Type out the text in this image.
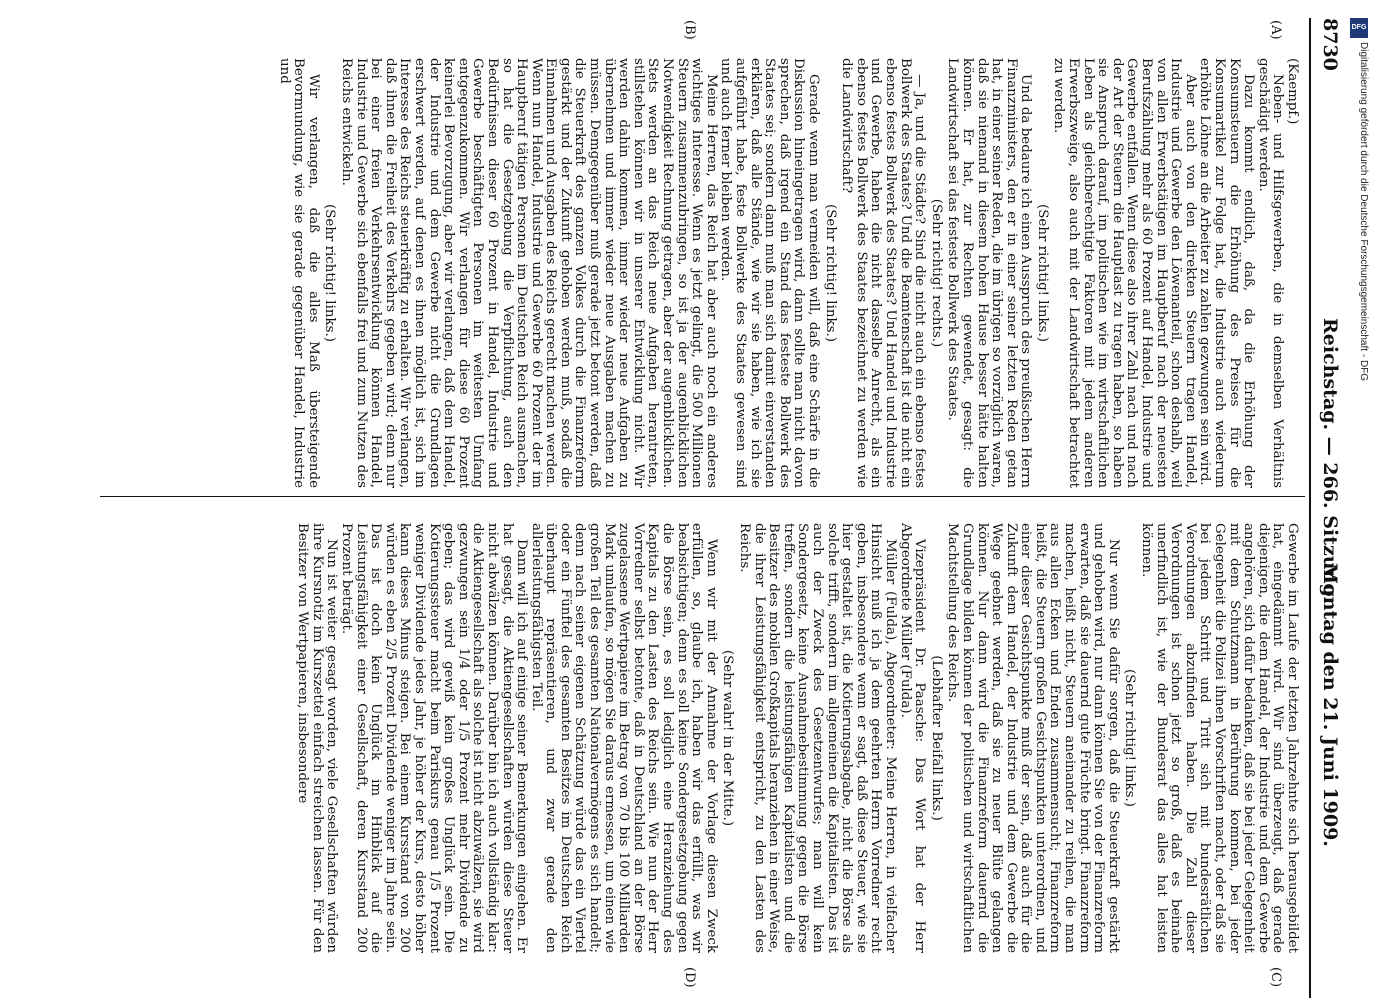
8730
Reichstag. — 266. Sitzung.
Montag den 21. Juni 1909.
(A)
(B)
(C)
(D)

(Kaempf.)

Neben- und Hilfsgewerben, die in demselben Verhältnis geschädigt werden.

Dazu kommt endlich, daß, da die Erhöhung der Konsumsteuern die Erhöhung des Preises für die Konsumartikel zur Folge hat, die Industrie auch wiederum erhöhte Löhne an die Arbeiter zu zahlen gezwungen sein wird.

Aber auch von den direkten Steuern tragen Handel, Industrie und Gewerbe den Löwenanteil, schon deshalb, weil von allen Erwerbstätigen im Hauptberuf nach der neuesten Berufszählung mehr als 60 Prozent auf Handel, Industrie und Gewerbe entfallen. Wenn diese also ihrer Zahl nach und nach der Art der Steuern die Hauptlast zu tragen haben, so haben sie Anspruch darauf, im politischen wie im wirtschaftlichen Leben als gleichberechtigte Faktoren mit jedem anderen Erwerbszweige, also auch mit der Landwirtschaft betrachtet zu werden.

(Sehr richtig! links.)

Und da bedaure ich einen Ausspruch des preußischen Herrn Finanzministers, den er in einer seiner letzten Reden getan hat, in einer seiner Reden, die im übrigen so vorzüglich waren, daß sie niemand in diesem hohen Hause besser hätte halten können. Er hat, zur Rechten gewendet, gesagt: die Landwirtschaft sei das festeste Bollwerk des Staates.

(Sehr richtig! rechts.)

— Ja, und die Städte? Sind die nicht auch ein ebenso festes Bollwerk des Staates? Und die Beamtenschaft ist die nicht ein ebenso festes Bollwerk des Staates? Und Handel und Industrie und Gewerbe, haben die nicht dasselbe Anrecht, als ein ebenso festes Bollwerk des Staates bezeichnet zu werden wie die Landwirtschaft?

(Sehr richtig! links.)

Gerade wenn man vermeiden will, daß eine Schärfe in die Diskussion hineingetragen wird, dann sollte man nicht davon sprechen, daß irgend ein Stand das festeste Bollwerk des Staates sei; sondern dann muß man sich damit einverstanden erklären, daß alle Stände, wie wir sie haben, wie ich sie aufgeführt habe, feste Bollwerke des Staates gewesen sind und auch ferner bleiben werden.

Meine Herren, das Reich hat aber auch noch ein anderes wichtiges Interesse. Wenn es jetzt gelingt, die 500 Millionen Steuern zusammenzubringen, so ist ja der augenblicklichen Notwendigkeit Rechnung getragen, aber der augenblicklichen. Stets werden an das Reich neue Aufgaben herantreten, stillstehen können wir in unserer Entwicklung nicht. Wir werden dahin kommen, immer wieder neue Aufgaben zu übernehmen und immer wieder neue Ausgaben machen zu müssen. Demgegenüber muß gerade jetzt betont werden, daß die Steuerkraft des ganzen Volkes durch die Finanzreform gestärkt und der Zukunft gehoben werden muß, sodaß die Einnahmen und Ausgaben des Reichs gerecht machen werden. Wenn nun Handel, Industrie und Gewerbe 60 Prozent der im Hauptberuf tätigen Personen im Deutschen Reich ausmachen, so hat die Gesetzgebung die Verpflichtung, auch den Bedürfnissen dieser 60 Prozent in Handel, Industrie und Gewerbe beschäftigten Personen im weitesten Umfang entgegenzukommen. Wir verlangen für diese 60 Prozent keinerlei Bevorzugung, aber wir verlangen, daß dem Handel, der Industrie und dem Gewerbe nicht die Grundlagen erschwert werden, auf denen es ihnen möglich ist, sich im Interesse des Reichs steuerkräftig zu erhalten. Wir verlangen, daß ihnen die Freiheit des Verkehrs gegeben wird; denn nur bei einer freien Verkehrsentwicklung können Handel, Industrie und Gewerbe sich ebenfalls frei und zum Nutzen des Reichs entwickeln.

(Sehr richtig! links.)

Wir verlangen, daß die alles Maß übersteigende Bevormundung, wie sie gerade gegenüber Handel, Industrie und

Gewerbe im Laufe der letzten Jahrzehnte sich herausgebildet hat, eingedämmt wird. Wir sind überzeugt, daß gerade diejenigen, die dem Handel, der Industrie und dem Gewerbe angehören, sich dafür bedanken, daß sie bei jeder Gelegenheit mit dem Schutzmann in Berührung kommen, bei jeder Gelegenheit die Polizei ihnen Vorschriften macht, oder daß sie bei jedem Schritt und Tritt sich mit bundesrätlichen Verordnungen abzufinden haben. Die Zahl dieser Verordnungen ist schon jetzt so groß, daß es beinahe unerfindlich ist, wie der Bundesrat das alles hat leisten können.

(Sehr richtig! links.)

Nur wenn Sie dafür sorgen, daß die Steuerkraft gestärkt und gehoben wird, nur dann können Sie von der Finanzreform erwarten, daß sie dauernd gute Früchte bringt. Finanzreform machen, heißt nicht, Steuern aneinander zu reihen, die man aus allen Ecken und Enden zusammensucht; Finanzreform heißt, die Steuern großen Gesichtspunkten unterordnen, und einer dieser Gesichtspunkte muß der sein, daß auch für die Zukunft dem Handel, der Industrie und dem Gewerbe die Wege geebnet werden, daß sie zu neuer Blüte gelangen können. Nur dann wird die Finanzreform dauernd die Grundlage bilden können der politischen und wirtschaftlichen Machtstellung des Reichs.

(Lebhafter Beifall links.)

Vizepräsident Dr. Paasche: Das Wort hat der Herr Abgeordnete Müller (Fulda).

Müller (Fulda), Abgeordneter: Meine Herren, in vielfacher Hinsicht muß ich ja dem geehrten Herrn Vorredner recht geben, insbesondere wenn er sagt, daß diese Steuer, wie sie hier gestaltet ist, die Kotierungsabgabe, nicht die Börse als solche trifft, sondern im allgemeinen die Kapitalisten. Das ist auch der Zweck des Gesetzentwurfes; man will kein Sondergesetz, keine Ausnahmebestimmung gegen die Börse treffen, sondern die leistungsfähigen Kapitalisten und die Besitzer des mobilen Großkapitals heranziehen in einer Weise, die ihrer Leistungsfähigkeit entspricht, zu den Lasten des Reichs.

(Sehr wahr! in der Mitte.)

Wenn wir mit der Annahme der Vorlage diesen Zweck erfüllen, so, glaube ich, haben wir das erfüllt, was wir beabsichtigen; denn es soll keine Sondergesetzgebung gegen die Börse sein, es soll lediglich eine Heranziehung des Kapitals zu den Lasten des Reichs sein. Wie nun der Herr Vorredner selbst betonte, daß in Deutschland an der Börse zugelassene Wertpapiere im Betrag von 70 bis 100 Milliarden Mark umlaufen, so mögen Sie daraus ermessen, um einen wie großen Teil des gesamten Nationalvermögens es sich handelt; denn nach seiner eigenen Schätzung würde das ein Viertel oder ein Fünftel des gesamten Besitzes im Deutschen Reich überhaupt repräsentieren, und zwar gerade den allerleistungsfähigsten Teil.

Dann will ich auf einige seiner Bemerkungen eingehen. Er hat gesagt, die Aktiengesellschaften würden diese Steuer nicht abwälzen können. Darüber bin ich auch vollständig klar: die Aktiengesellschaft als solche ist nicht abzuwälzen, sie wird gezwungen sein 1/4 oder 1/5 Prozent mehr Dividende zu geben; das wird gewiß kein großes Unglück sein. Die Kotierungssteuer macht beim Pariskurs genau 1/5 Prozent weniger Dividende jedes Jahr, je höher der Kurs, desto höher kann dieses Minus steigen. Bei einem Kursstand von 200 würden es eben 2/5 Prozent Dividende weniger im Jahre sein. Das ist doch kein Unglück im Hinblick auf die Leistungsfähigkeit einer Gesellschaft, deren Kursstand 200 Prozent beträgt.

Nun ist weiter gesagt worden, viele Gesellschaften würden ihre Kursnotiz im Kurszettel einfach streichen lassen. Für den Besitzer von Wertpapieren, insbesondere

DFG
Digitalisierung gefördert durch die Deutsche Forschungsgemeinschaft - DFG
